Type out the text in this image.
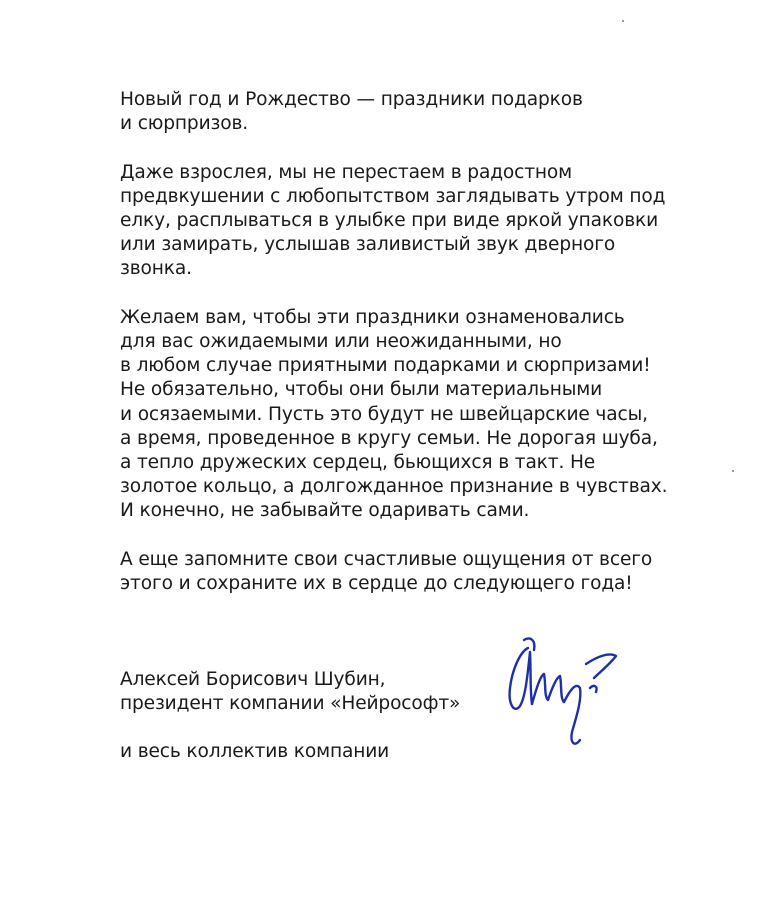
Новый год и Рождество — праздники подарков
и сюрпризов.

Даже взрослея, мы не перестаем в радостном
предвкушении с любопытством заглядывать утром под
елку, расплываться в улыбке при виде яркой упаковки
или замирать, услышав заливистый звук дверного
звонка.

Желаем вам, чтобы эти праздники ознаменовались
для вас ожидаемыми или неожиданными, но
в любом случае приятными подарками и сюрпризами!
Не обязательно, чтобы они были материальными
и осязаемыми. Пусть это будут не швейцарские часы,
а время, проведенное в кругу семьи. Не дорогая шуба,
а тепло дружеских сердец, бьющихся в такт. Не
золотое кольцо, а долгожданное признание в чувствах.
И конечно, не забывайте одаривать сами.

А еще запомните свои счастливые ощущения от всего
этого и сохраните их в сердце до следующего года!

Алексей Борисович Шубин,
президент компании «Нейрософт»
и весь коллектив компании
